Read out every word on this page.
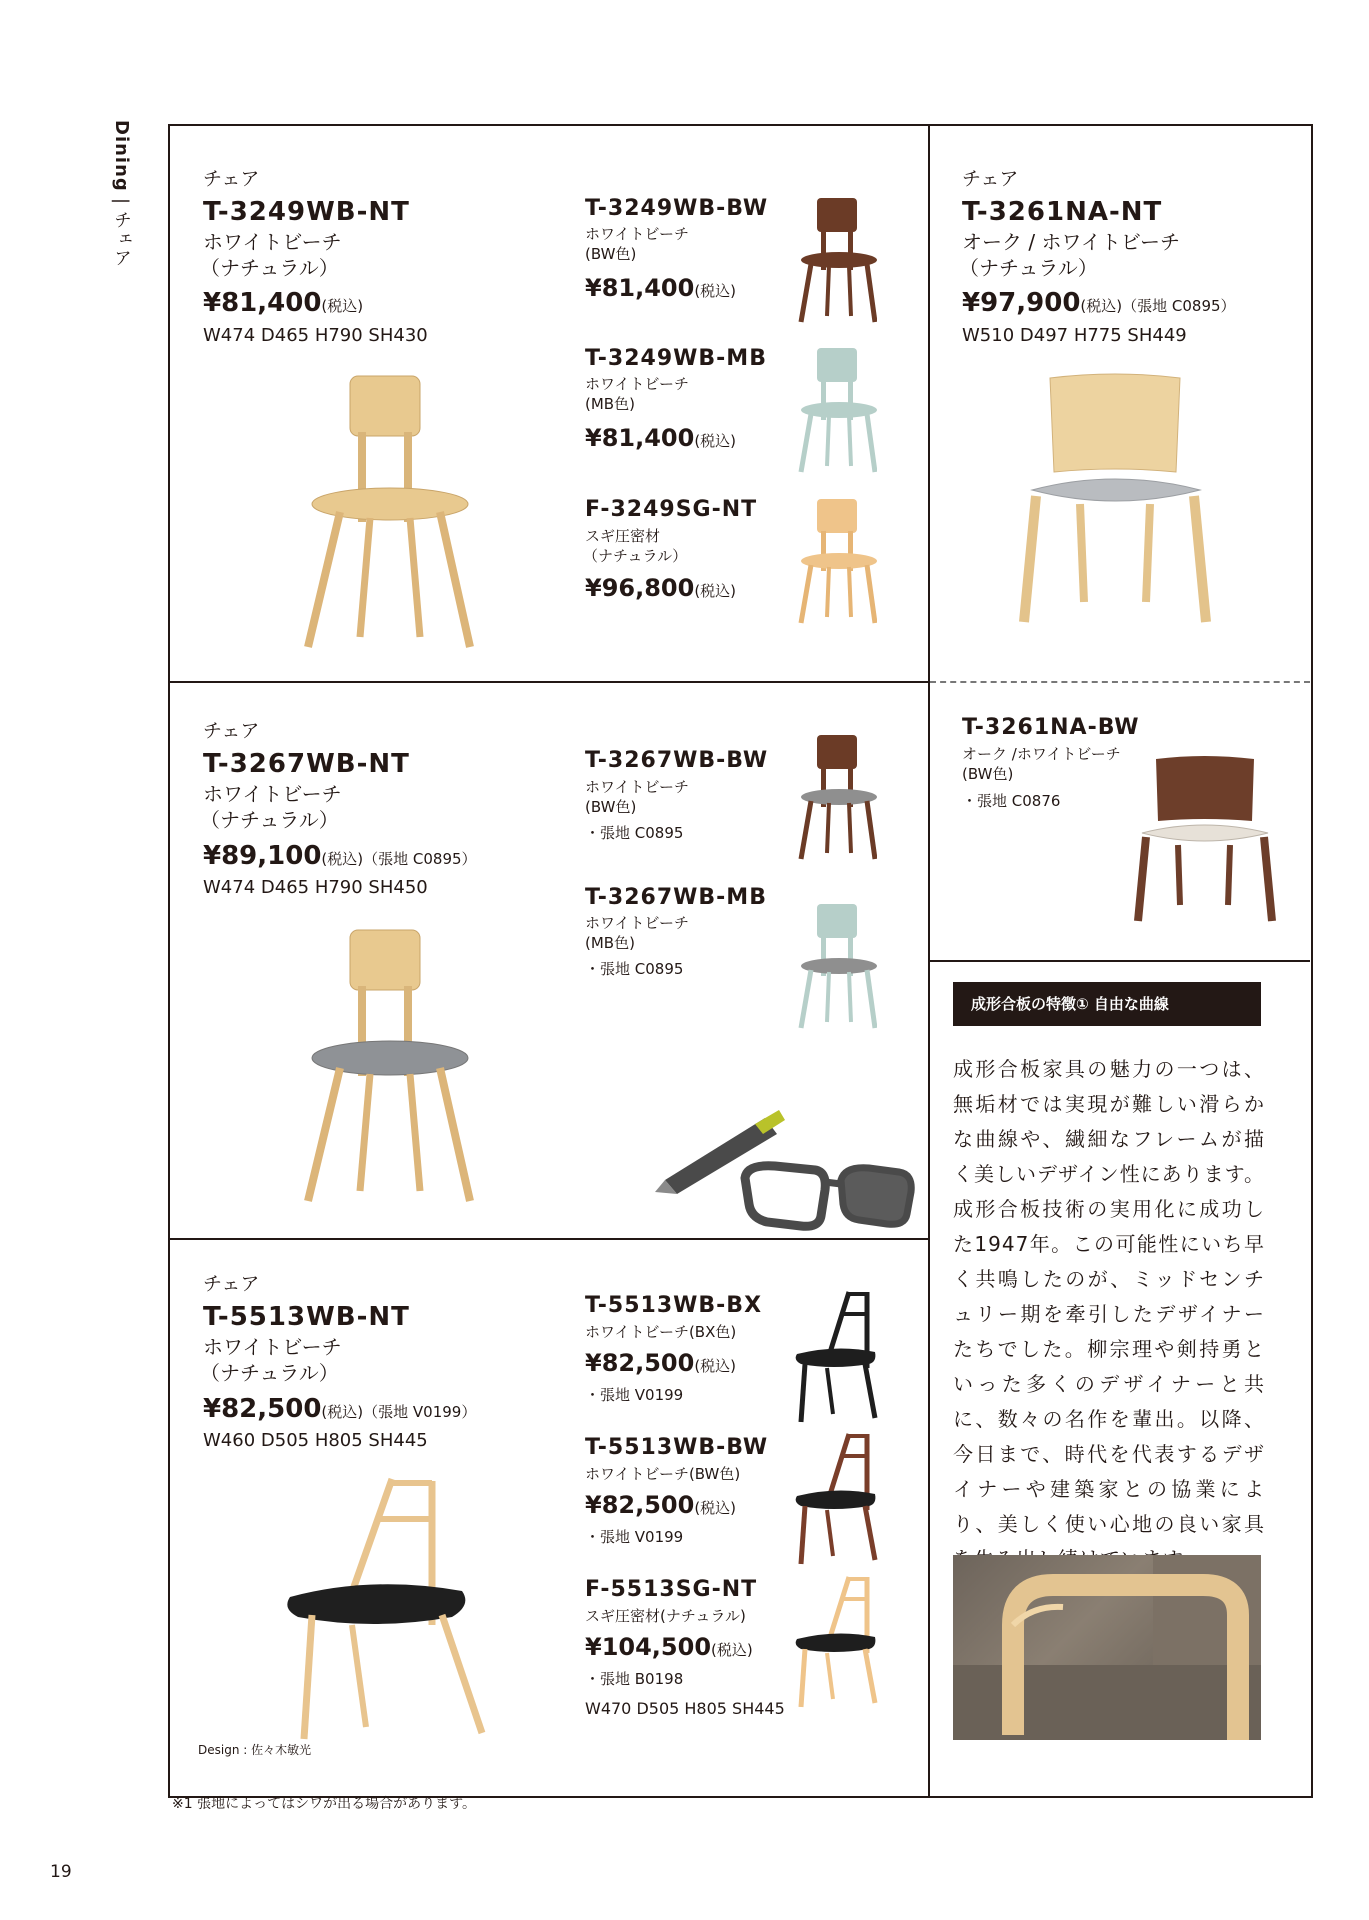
Dining|チェア
チェア
T-3249WB-NT
ホワイトビーチ
（ナチュラル）
¥81,400(税込)
W474 D465 H790 SH430
T-3249WB-BW
ホワイトビーチ
(BW色)
¥81,400(税込)
T-3249WB-MB
ホワイトビーチ
(MB色)
¥81,400(税込)
F-3249SG-NT
スギ圧密材
（ナチュラル）
¥96,800(税込)
チェア
T-3261NA-NT
オーク / ホワイトビーチ
（ナチュラル）
¥97,900(税込)（張地 C0895）
W510 D497 H775 SH449
T-3261NA-BW
オーク /ホワイトビーチ
(BW色)
・張地 C0876
チェア
T-3267WB-NT
ホワイトビーチ
（ナチュラル）
¥89,100(税込)（張地 C0895）
W474 D465 H790 SH450
T-3267WB-BW
ホワイトビーチ
(BW色)
・張地 C0895
T-3267WB-MB
ホワイトビーチ
(MB色)
・張地 C0895
チェア
T-5513WB-NT
ホワイトビーチ
（ナチュラル）
¥82,500(税込)（張地 V0199）
W460 D505 H805 SH445
T-5513WB-BX
ホワイトビーチ(BX色)
¥82,500(税込)
・張地 V0199
T-5513WB-BW
ホワイトビーチ(BW色)
¥82,500(税込)
・張地 V0199
F-5513SG-NT
スギ圧密材(ナチュラル)
¥104,500(税込)
・張地 B0198
W470 D505 H805 SH445
Design : 佐々木敏光
成形合板の特徴① 自由な曲線
成形合板家具の魅力の一つは、無垢材では実現が難しい滑らかな曲線や、繊細なフレームが描く美しいデザイン性にあります。成形合板技術の実用化に成功した1947年。この可能性にいち早く共鳴したのが、ミッドセンチュリー期を牽引したデザイナーたちでした。柳宗理や剣持勇といった多くのデザイナーと共に、数々の名作を輩出。以降、今日まで、時代を代表するデザイナーや建築家との協業により、美しく使い心地の良い家具
※1 張地によってはシワが出る場合があります。
19
